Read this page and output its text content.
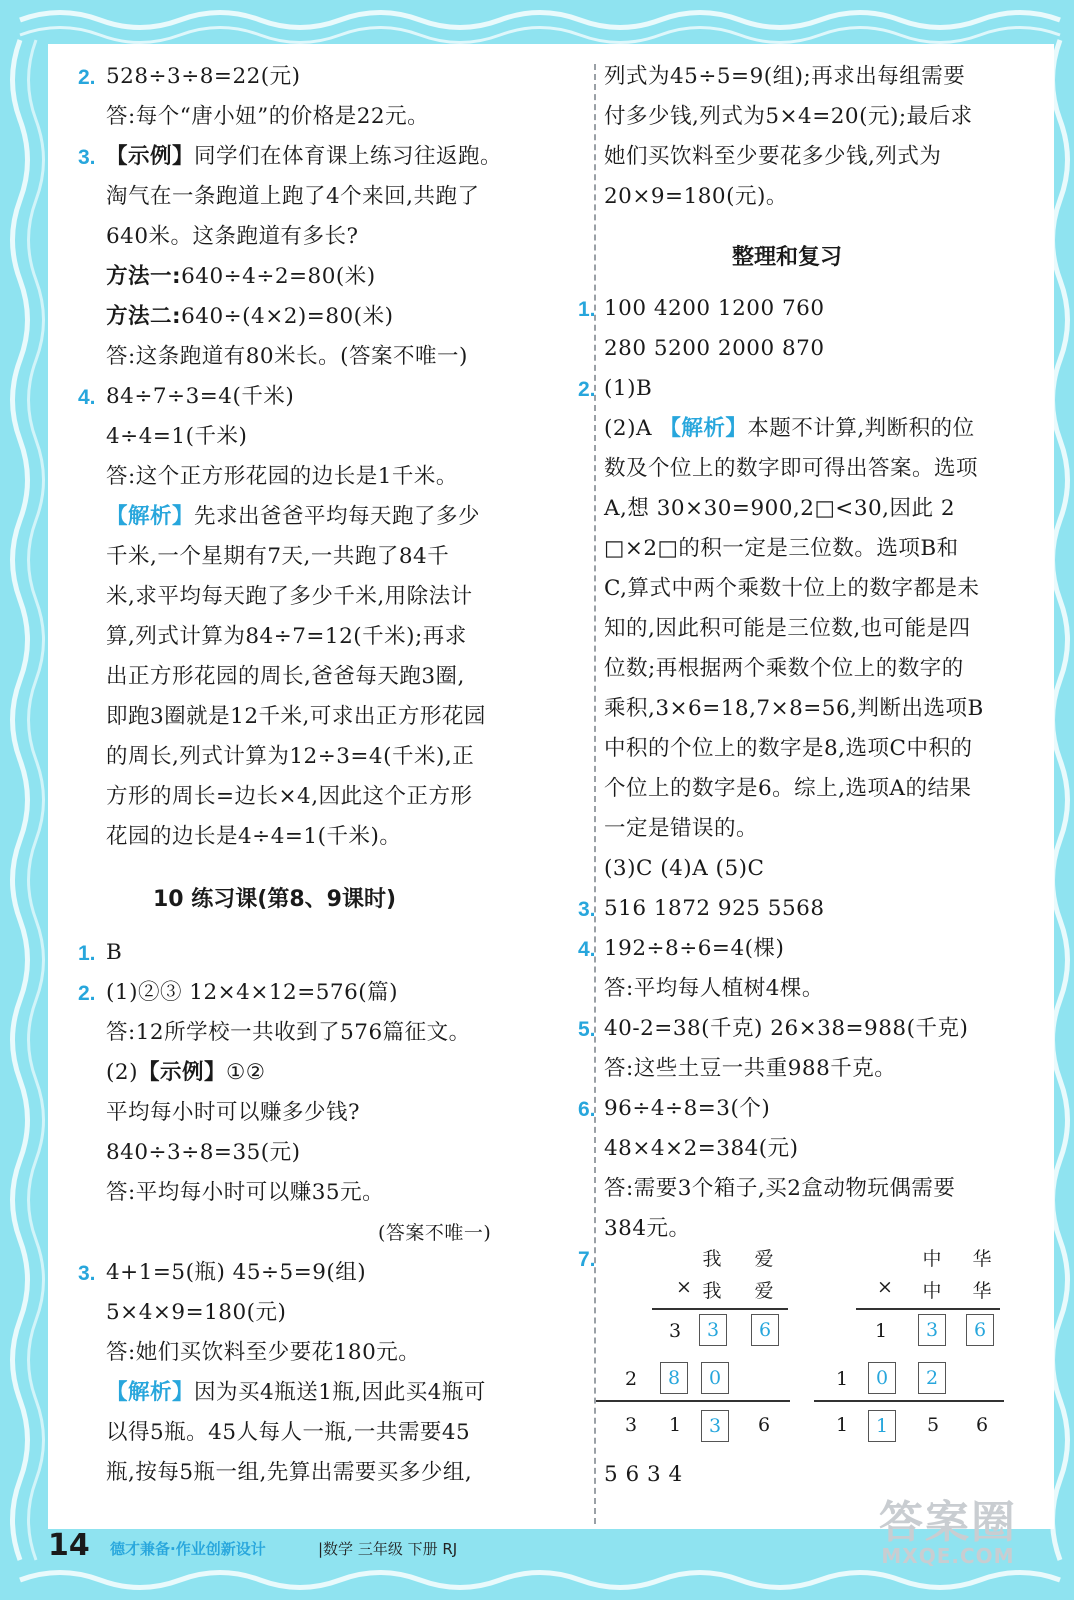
2. 528÷3÷8=22(元)
答:每个“唐小妞”的价格是22元。
3. 【示例】同学们在体育课上练习往返跑。
淘气在一条跑道上跑了4个来回,共跑了
640米。这条跑道有多长?
方法一:640÷4÷2=80(米)
方法二:640÷(4×2)=80(米)
答:这条跑道有80米长。(答案不唯一)
4. 84÷7÷3=4(千米)
4÷4=1(千米)
答:这个正方形花园的边长是1千米。
【解析】先求出爸爸平均每天跑了多少
千米,一个星期有7天,一共跑了84千
米,求平均每天跑了多少千米,用除法计
算,列式计算为84÷7=12(千米);再求
出正方形花园的周长,爸爸每天跑3圈,
即跑3圈就是12千米,可求出正方形花园
的周长,列式计算为12÷3=4(千米),正
方形的周长=边长×4,因此这个正方形
花园的边长是4÷4=1(千米)。
10 练习课(第8、9课时)
1. B
2. (1)②③ 12×4×12=576(篇)
答:12所学校一共收到了576篇征文。
(2)【示例】①②
平均每小时可以赚多少钱?
840÷3÷8=35(元)
答:平均每小时可以赚35元。
(答案不唯一)
3. 4+1=5(瓶) 45÷5=9(组)
5×4×9=180(元)
答:她们买饮料至少要花180元。
【解析】因为买4瓶送1瓶,因此买4瓶可
以得5瓶。45人每人一瓶,一共需要45
瓶,按每5瓶一组,先算出需要买多少组,
列式为45÷5=9(组);再求出每组需要
付多少钱,列式为5×4=20(元);最后求
她们买饮料至少要花多少钱,列式为
20×9=180(元)。
整理和复习
1. 100 4200 1200 760
280 5200 2000 870
2. (1)B
(2)A 【解析】本题不计算,判断积的位
数及个位上的数字即可得出答案。选项
A,想 30×30=900,2□<30,因此 2
□×2□的积一定是三位数。选项B和
C,算式中两个乘数十位上的数字都是未
知的,因此积可能是三位数,也可能是四
位数;再根据两个乘数个位上的数字的
乘积,3×6=18,7×8=56,判断出选项B
中积的个位上的数字是8,选项C中积的
个位上的数字是6。综上,选项A的结果
一定是错误的。
(3)C (4)A (5)C
3. 516 1872 925 5568
4. 192÷8÷6=4(棵)
答:平均每人植树4棵。
5. 40-2=38(千克) 26×38=988(千克)
答:这些土豆一共重988千克。
6. 96÷4÷8=3(个)
48×4×2=384(元)
答:需要3个箱子,买2盒动物玩偶需要
384元。
7.	我 爱
× 我 爱
3	3	6
2	8	0
3	1	3	6
中 华
× 中 华
1	3	6
1	0	2
1	1	5	6
5 6 3 4
14 德才兼备·作业创新设计	|数学 三年级 下册 RJ
答案圈
MXQE.COM
